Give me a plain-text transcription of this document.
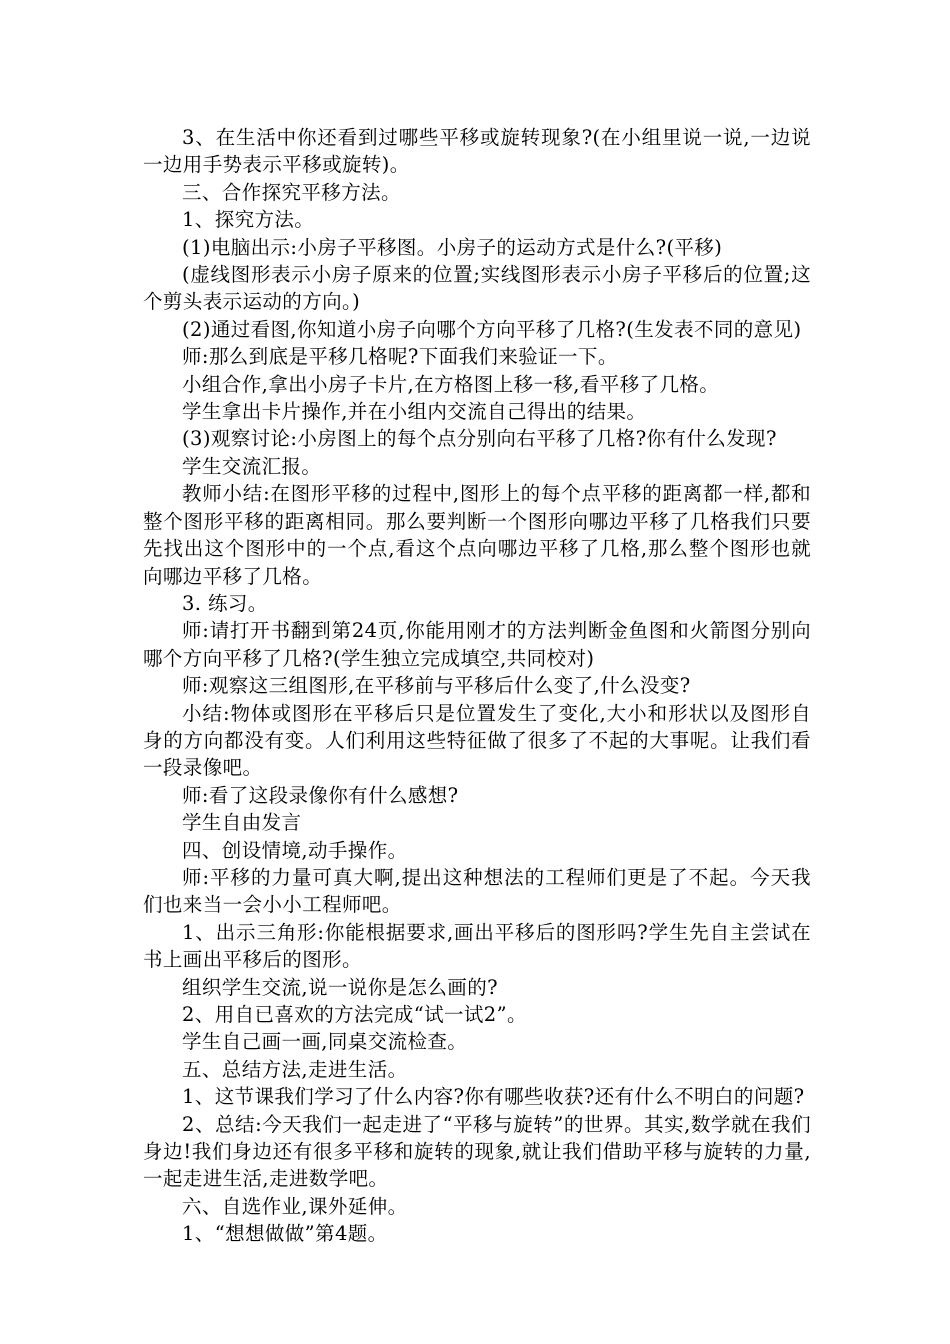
3、在生活中你还看到过哪些平移或旋转现象?(在小组里说一说,一边说一边用手势表示平移或旋转)。

三、合作探究平移方法。

1、探究方法。

(1)电脑出示:小房子平移图。小房子的运动方式是什么?(平移)

(虚线图形表示小房子原来的位置;实线图形表示小房子平移后的位置;这个剪头表示运动的方向。)

(2)通过看图,你知道小房子向哪个方向平移了几格?(生发表不同的意见)

师:那么到底是平移几格呢?下面我们来验证一下。

小组合作,拿出小房子卡片,在方格图上移一移,看平移了几格。

学生拿出卡片操作,并在小组内交流自己得出的结果。

(3)观察讨论:小房图上的每个点分别向右平移了几格?你有什么发现?

学生交流汇报。

教师小结:在图形平移的过程中,图形上的每个点平移的距离都一样,都和整个图形平移的距离相同。那么要判断一个图形向哪边平移了几格我们只要先找出这个图形中的一个点,看这个点向哪边平移了几格,那么整个图形也就向哪边平移了几格。

3. 练习。

师:请打开书翻到第24页,你能用刚才的方法判断金鱼图和火箭图分别向哪个方向平移了几格?(学生独立完成填空,共同校对)

师:观察这三组图形,在平移前与平移后什么变了,什么没变?

小结:物体或图形在平移后只是位置发生了变化,大小和形状以及图形自身的方向都没有变。人们利用这些特征做了很多了不起的大事呢。让我们看一段录像吧。

师:看了这段录像你有什么感想?

学生自由发言

四、创设情境,动手操作。

师:平移的力量可真大啊,提出这种想法的工程师们更是了不起。今天我们也来当一会小小工程师吧。

1、出示三角形:你能根据要求,画出平移后的图形吗?学生先自主尝试在书上画出平移后的图形。

组织学生交流,说一说你是怎么画的?

2、用自已喜欢的方法完成“试一试2”。

学生自己画一画,同桌交流检查。

五、总结方法,走进生活。

1、这节课我们学习了什么内容?你有哪些收获?还有什么不明白的问题?

2、总结:今天我们一起走进了“平移与旋转”的世界。其实,数学就在我们身边!我们身边还有很多平移和旋转的现象,就让我们借助平移与旋转的力量,一起走进生活,走进数学吧。

六、自选作业,课外延伸。

1、“想想做做”第4题。
